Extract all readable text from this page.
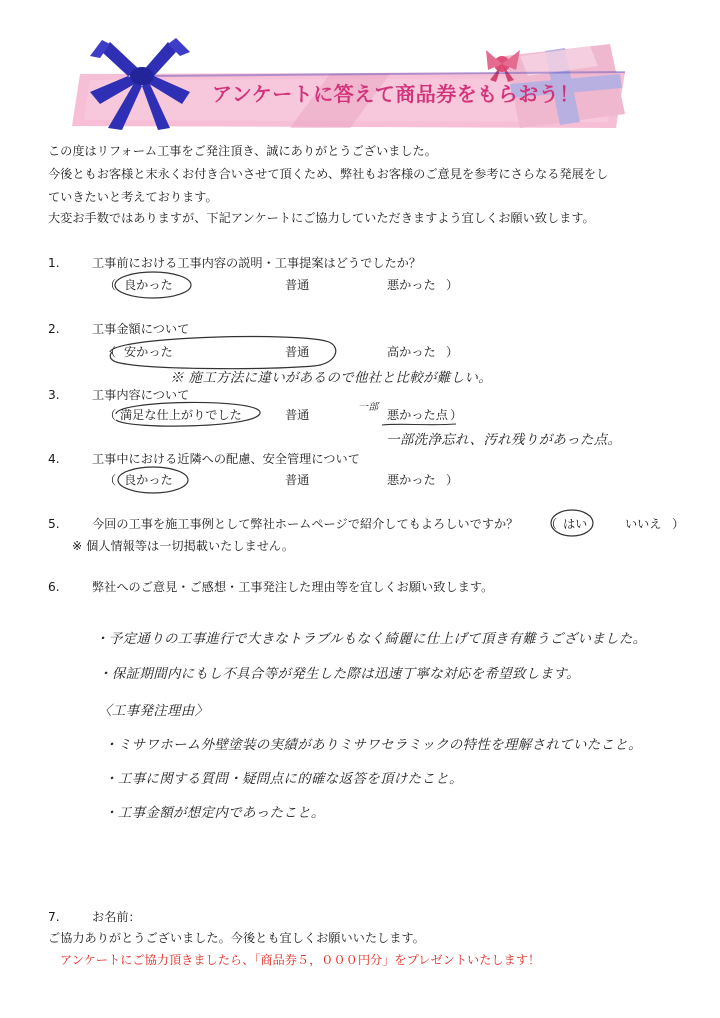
アンケートに答えて商品券をもらおう！
この度はリフォーム工事をご発注頂き、誠にありがとうございました。
今後ともお客様と末永くお付き合いさせて頂くため、弊社もお客様のご意見を参考にさらなる発展をし
ていきたいと考えております。
大変お手数ではありますが、下記アンケートにご協力していただきますよう宜しくお願い致します。
1.	工事前における工事内容の説明・工事提案はどうでしたか？
（ 良かった	普通	悪かった ）
2.	工事金額について
（ 安かった	普通	高かった ）
※ 施工方法に違いがあるので他社と比較が難しい。
3.	工事内容について
（ 満足な仕上がりでした	普通	悪かった点 ）
一部
一部洗浄忘れ、汚れ残りがあった点。
4.	工事中における近隣への配慮、安全管理について
（ 良かった	普通	悪かった ）
5.	今回の工事を施工事例として弊社ホームページで紹介してもよろしいですか？ （ はい	いいえ ）
※ 個人情報等は一切掲載いたしません。
6.	弊社へのご意見・ご感想・工事発注した理由等を宜しくお願い致します。
・予定通りの工事進行で大きなトラブルもなく綺麗に仕上げて頂き有難うございました。
・保証期間内にもし不具合等が発生した際は迅速丁寧な対応を希望致します。
〈工事発注理由〉
・ミサワホーム外壁塗装の実績がありミサワセラミックの特性を理解されていたこと。
・工事に関する質問・疑問点に的確な返答を頂けたこと。
・工事金額が想定内であったこと。
7.	お名前：
ご協力ありがとうございました。今後とも宜しくお願いいたします。
アンケートにご協力頂きましたら、「商品券５，０００円分」をプレゼントいたします！
